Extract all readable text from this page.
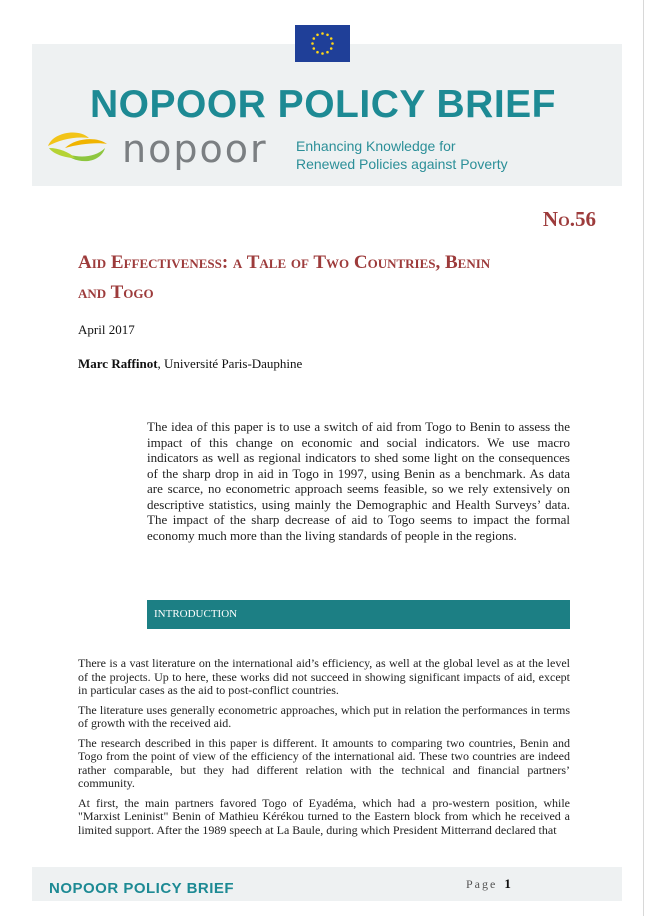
NOPOOR POLICY BRIEF
nopoor Enhancing Knowledge for
Renewed Policies against Poverty
No.56
Aid Effectiveness: a Tale of Two Countries, Benin
and Togo
April 2017
Marc Raffinot, Université Paris-Dauphine
The idea of this paper is to use a switch of aid from Togo to Benin to assess the impact of this change on economic and social indicators. We use macro indicators as well as regional indicators to shed some light on the consequences of the sharp drop in aid in Togo in 1997, using Benin as a benchmark. As data are scarce, no econometric approach seems feasible, so we rely extensively on descriptive statistics, using mainly the Demographic and Health Surveys’ data. The impact of the sharp decrease of aid to Togo seems to impact the formal economy much more than the living standards of people in the regions.
INTRODUCTION

There is a vast literature on the international aid’s efficiency, as well at the global level as at the level of the projects. Up to here, these works did not succeed in showing significant impacts of aid, except in particular cases as the aid to post-conflict countries.

The literature uses generally econometric approaches, which put in relation the performances in terms of growth with the received aid.

The research described in this paper is different. It amounts to comparing two countries, Benin and Togo from the point of view of the efficiency of the international aid. These two countries are indeed rather comparable, but they had different relation with the technical and financial partners’ community.

At first, the main partners favored Togo of Eyadéma, which had a pro-western position, while "Marxist Leninist" Benin of Mathieu Kérékou turned to the Eastern block from which he received a limited support. After the 1989 speech at La Baule, during which President Mitterrand declared that

NOPOOR POLICY BRIEF	Page 1
